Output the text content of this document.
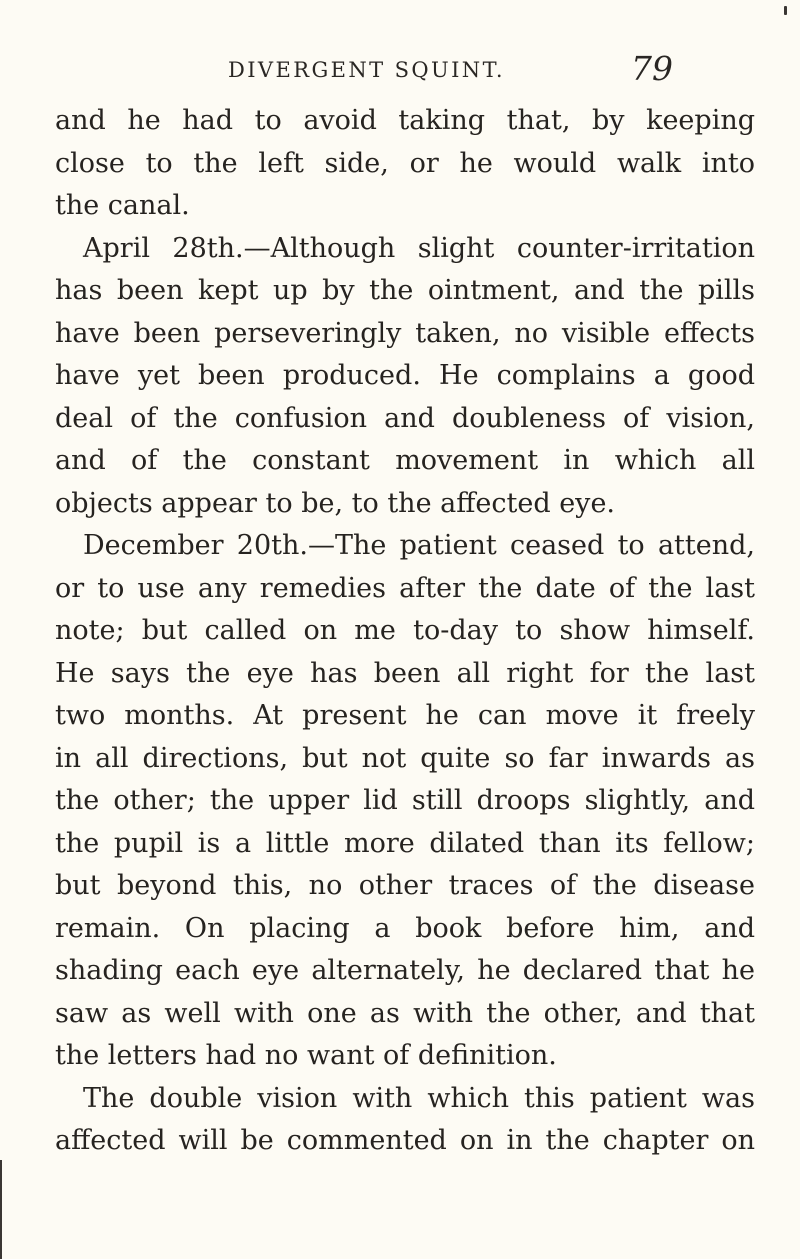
DIVERGENT SQUINT.	79
and he had to avoid taking that, by keeping
close to the left side, or he would walk into
the canal.
April 28th.—Although slight counter-irritation
has been kept up by the ointment, and the pills
have been perseveringly taken, no visible effects
have yet been produced. He complains a good
deal of the confusion and doubleness of vision,
and of the constant movement in which all
objects appear to be, to the affected eye.
December 20th.—The patient ceased to attend,
or to use any remedies after the date of the last
note; but called on me to-day to show himself.
He says the eye has been all right for the last
two months. At present he can move it freely
in all directions, but not quite so far inwards as
the other; the upper lid still droops slightly, and
the pupil is a little more dilated than its fellow;
but beyond this, no other traces of the disease
remain. On placing a book before him, and
shading each eye alternately, he declared that he
saw as well with one as with the other, and that
the letters had no want of definition.
The double vision with which this patient was
affected will be commented on in the chapter on
